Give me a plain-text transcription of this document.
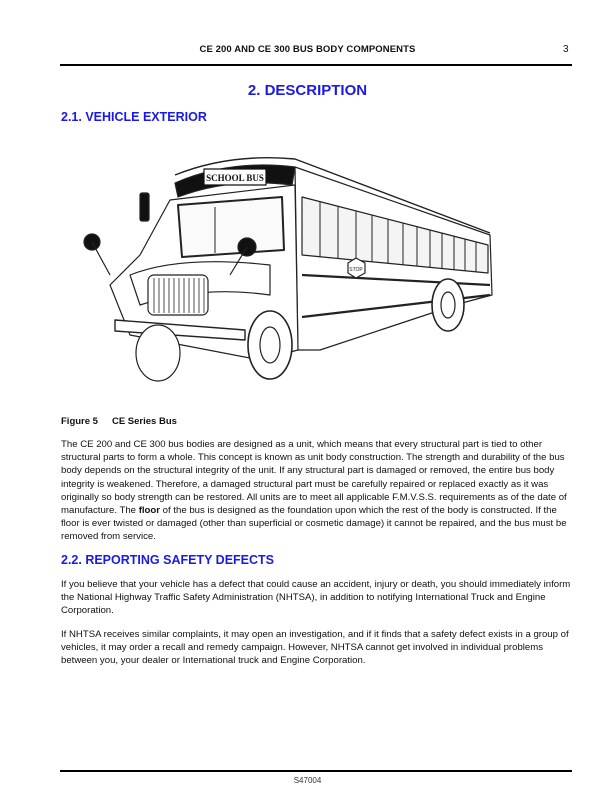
CE 200 AND CE 300 BUS BODY COMPONENTS	3
2. DESCRIPTION
2.1. VEHICLE EXTERIOR
STOP
SCHOOL BUS
Figure 5 CE Series Bus
The CE 200 and CE 300 bus bodies are designed as a unit, which means that every structural part is tied to other structural parts to form a whole. This concept is known as unit body construction. The strength and durability of the bus body depends on the structural integrity of the unit. If any structural part is damaged or removed, the entire bus body integrity is weakened. Therefore, a damaged structural part must be carefully repaired or replaced exactly as it was originally so body strength can be restored. All units are to meet all applicable F.M.V.S.S. requirements as of the date of manufacture. The floor of the bus is designed as the foundation upon which the rest of the body is constructed. If the floor is ever twisted or damaged (other than superficial or cosmetic damage) it cannot be repaired, and the bus must be removed from service.
2.2. REPORTING SAFETY DEFECTS
If you believe that your vehicle has a defect that could cause an accident, injury or death, you should immediately inform the National Highway Traffic Safety Administration (NHTSA), in addition to notifying International Truck and Engine Corporation.
If NHTSA receives similar complaints, it may open an investigation, and if it finds that a safety defect exists in a group of vehicles, it may order a recall and remedy campaign. However, NHTSA cannot get involved in individual problems between you, your dealer or International truck and Engine Corporation.
S47004
